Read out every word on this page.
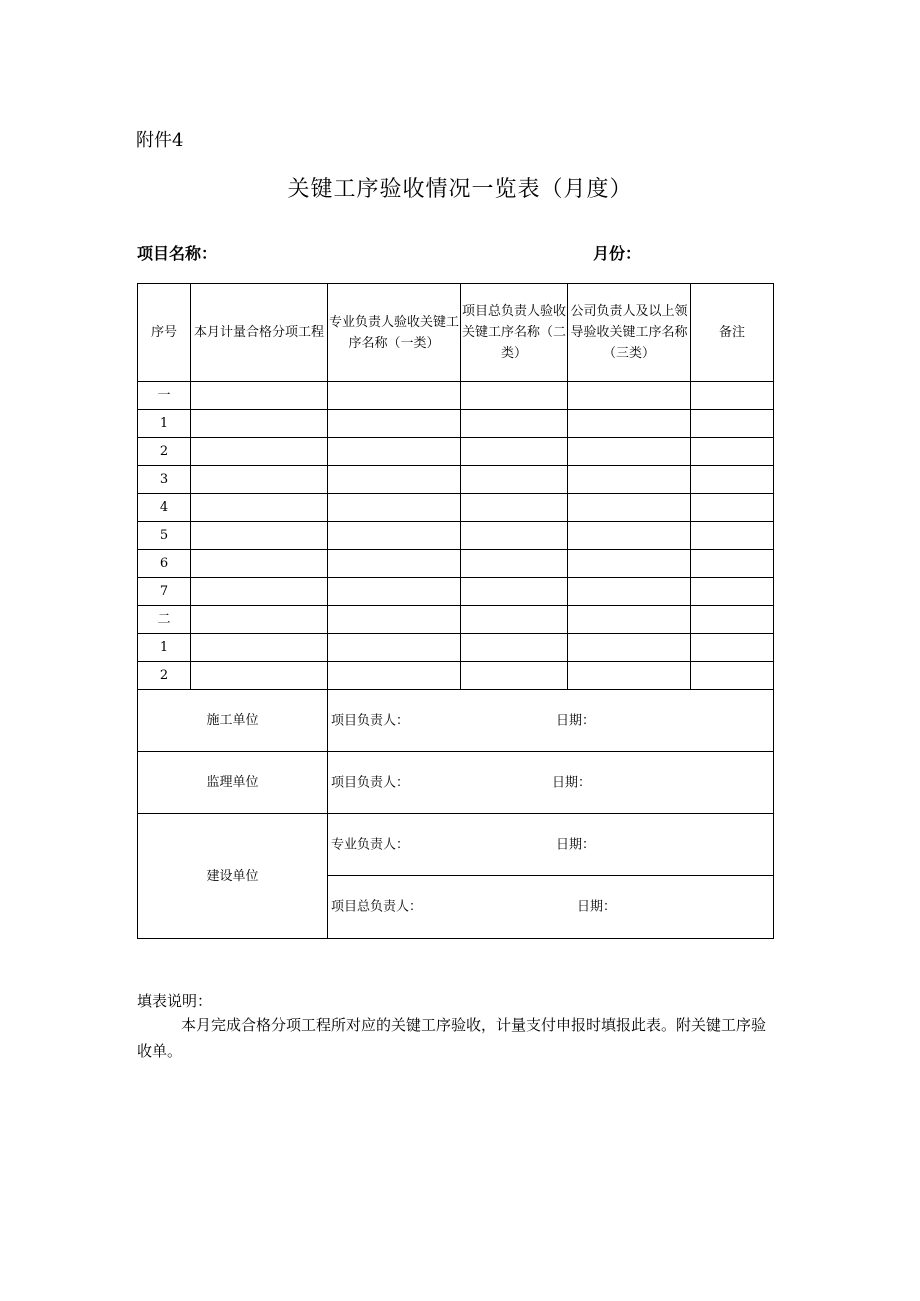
附件4
关键工序验收情况一览表（月度）
项目名称：	月份：
序号	本月计量合格分项工程	专业负责人验收关键工序名称（一类）	项目总负责人验收关键工序名称（二类）	公司负责人及以上领导验收关键工序名称（三类）	备注
一					
1					
2					
3					
4					
5					
6					
7					
二					
1					
2					
施工单位		项目负责人： 日期：			

监理单位		项目负责人： 日期：			

建设单位		专业负责人： 日期：			

		项目总负责人： 日期：			
填表说明：
本月完成合格分项工程所对应的关键工序验收，计量支付申报时填报此表。附关键工序验收单。
